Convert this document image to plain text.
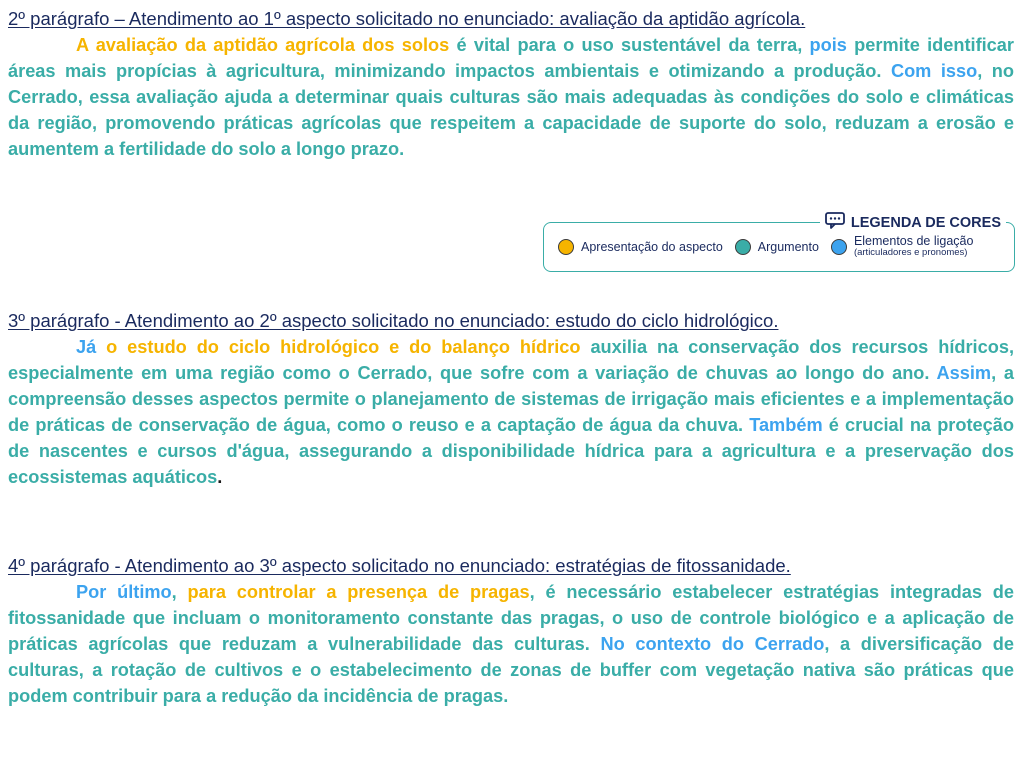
2º parágrafo – Atendimento ao 1º aspecto solicitado no enunciado: avaliação da aptidão agrícola.

A avaliação da aptidão agrícola dos solos é vital para o uso sustentável da terra, pois permite identificar áreas mais propícias à agricultura, minimizando impactos ambientais e otimizando a produção. Com isso, no Cerrado, essa avaliação ajuda a determinar quais culturas são mais adequadas às condições do solo e climáticas da região, promovendo práticas agrícolas que respeitem a capacidade de suporte do solo, reduzam a erosão e aumentem a fertilidade do solo a longo prazo.

3º parágrafo - Atendimento ao 2º aspecto solicitado no enunciado: estudo do ciclo hidrológico.

Já o estudo do ciclo hidrológico e do balanço hídrico auxilia na conservação dos recursos hídricos, especialmente em uma região como o Cerrado, que sofre com a variação de chuvas ao longo do ano. Assim, a compreensão desses aspectos permite o planejamento de sistemas de irrigação mais eficientes e a implementação de práticas de conservação de água, como o reuso e a captação de água da chuva. Também é crucial na proteção de nascentes e cursos d'água, assegurando a disponibilidade hídrica para a agricultura e a preservação dos ecossistemas aquáticos.

4º parágrafo - Atendimento ao 3º aspecto solicitado no enunciado: estratégias de fitossanidade.

Por último, para controlar a presença de pragas, é necessário estabelecer estratégias integradas de fitossanidade que incluam o monitoramento constante das pragas, o uso de controle biológico e a aplicação de práticas agrícolas que reduzam a vulnerabilidade das culturas. No contexto do Cerrado, a diversificação de culturas, a rotação de cultivos e o estabelecimento de zonas de buffer com vegetação nativa são práticas que podem contribuir para a redução da incidência de pragas.

LEGENDA DE CORES
Apresentação do aspecto	Argumento	Elementos de ligação
(articuladores e pronomes)
